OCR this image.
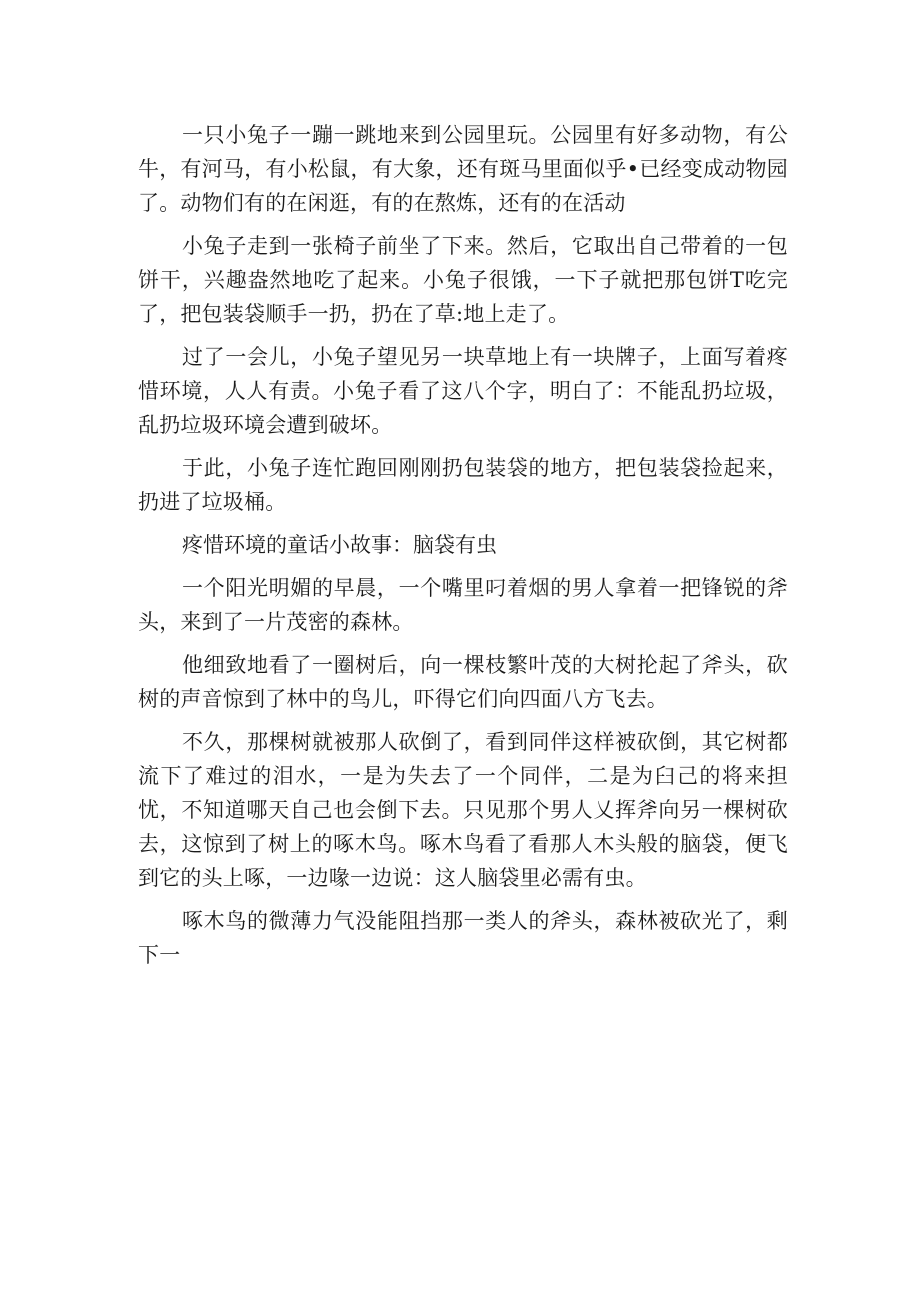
一只小兔子一蹦一跳地来到公园里玩。公园里有好多动物，有公牛，有河马，有小松鼠，有大象，还有斑马里面似乎•已经变成动物园了。动物们有的在闲逛，有的在熬炼，还有的在活动

小兔子走到一张椅子前坐了下来。然后，它取出自己带着的一包饼干，兴趣盎然地吃了起来。小兔子很饿，一下子就把那包饼T吃完了，把包装袋顺手一扔，扔在了草:地上走了。

过了一会儿，小兔子望见另一块草地上有一块牌子，上面写着疼惜环境，人人有责。小兔子看了这八个字，明白了：不能乱扔垃圾，乱扔垃圾环境会遭到破坏。

于此，小兔子连忙跑回刚刚扔包装袋的地方，把包装袋捡起来，扔进了垃圾桶。

疼惜环境的童话小故事：脑袋有虫

一个阳光明媚的早晨，一个嘴里叼着烟的男人拿着一把锋锐的斧头，来到了一片茂密的森林。

他细致地看了一圈树后，向一棵枝繁叶茂的大树抡起了斧头，砍树的声音惊到了林中的鸟儿，吓得它们向四面八方飞去。

不久，那棵树就被那人砍倒了，看到同伴这样被砍倒，其它树都流下了难过的泪水，一是为失去了一个同伴，二是为臼己的将来担忧，不知道哪天自己也会倒下去。只见那个男人乂挥斧向另一棵树砍去，这惊到了树上的啄木鸟。啄木鸟看了看那人木头般的脑袋，便飞到它的头上啄，一边喙一边说：这人脑袋里必需有虫。

啄木鸟的微薄力气没能阻挡那一类人的斧头，森林被砍光了，剩下一
